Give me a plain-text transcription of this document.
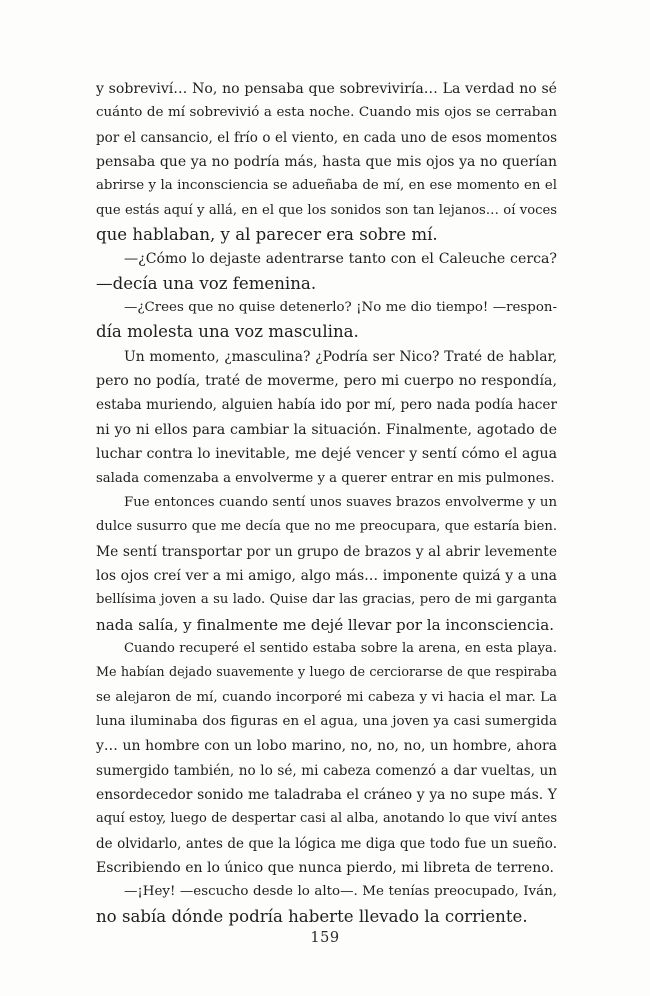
y sobreviví… No, no pensaba que sobreviviría… La verdad no sé
cuánto de mí sobrevivió a esta noche. Cuando mis ojos se cerraban
por el cansancio, el frío o el viento, en cada uno de esos momentos
pensaba que ya no podría más, hasta que mis ojos ya no querían
abrirse y la inconsciencia se adueñaba de mí, en ese momento en el
que estás aquí y allá, en el que los sonidos son tan lejanos… oí voces
que hablaban, y al parecer era sobre mí.
—¿Cómo lo dejaste adentrarse tanto con el Caleuche cerca?
—decía una voz femenina.
—¿Crees que no quise detenerlo? ¡No me dio tiempo! —respon-
día molesta una voz masculina.
Un momento, ¿masculina? ¿Podría ser Nico? Traté de hablar,
pero no podía, traté de moverme, pero mi cuerpo no respondía,
estaba muriendo, alguien había ido por mí, pero nada podía hacer
ni yo ni ellos para cambiar la situación. Finalmente, agotado de
luchar contra lo inevitable, me dejé vencer y sentí cómo el agua
salada comenzaba a envolverme y a querer entrar en mis pulmones.
Fue entonces cuando sentí unos suaves brazos envolverme y un
dulce susurro que me decía que no me preocupara, que estaría bien.
Me sentí transportar por un grupo de brazos y al abrir levemente
los ojos creí ver a mi amigo, algo más… imponente quizá y a una
bellísima joven a su lado. Quise dar las gracias, pero de mi garganta
nada salía, y finalmente me dejé llevar por la inconsciencia.
Cuando recuperé el sentido estaba sobre la arena, en esta playa.
Me habían dejado suavemente y luego de cerciorarse de que respiraba
se alejaron de mí, cuando incorporé mi cabeza y vi hacia el mar. La
luna iluminaba dos figuras en el agua, una joven ya casi sumergida
y… un hombre con un lobo marino, no, no, no, un hombre, ahora
sumergido también, no lo sé, mi cabeza comenzó a dar vueltas, un
ensordecedor sonido me taladraba el cráneo y ya no supe más. Y
aquí estoy, luego de despertar casi al alba, anotando lo que viví antes
de olvidarlo, antes de que la lógica me diga que todo fue un sueño.
Escribiendo en lo único que nunca pierdo, mi libreta de terreno.
—¡Hey! —escucho desde lo alto—. Me tenías preocupado, Iván,
no sabía dónde podría haberte llevado la corriente.
159
